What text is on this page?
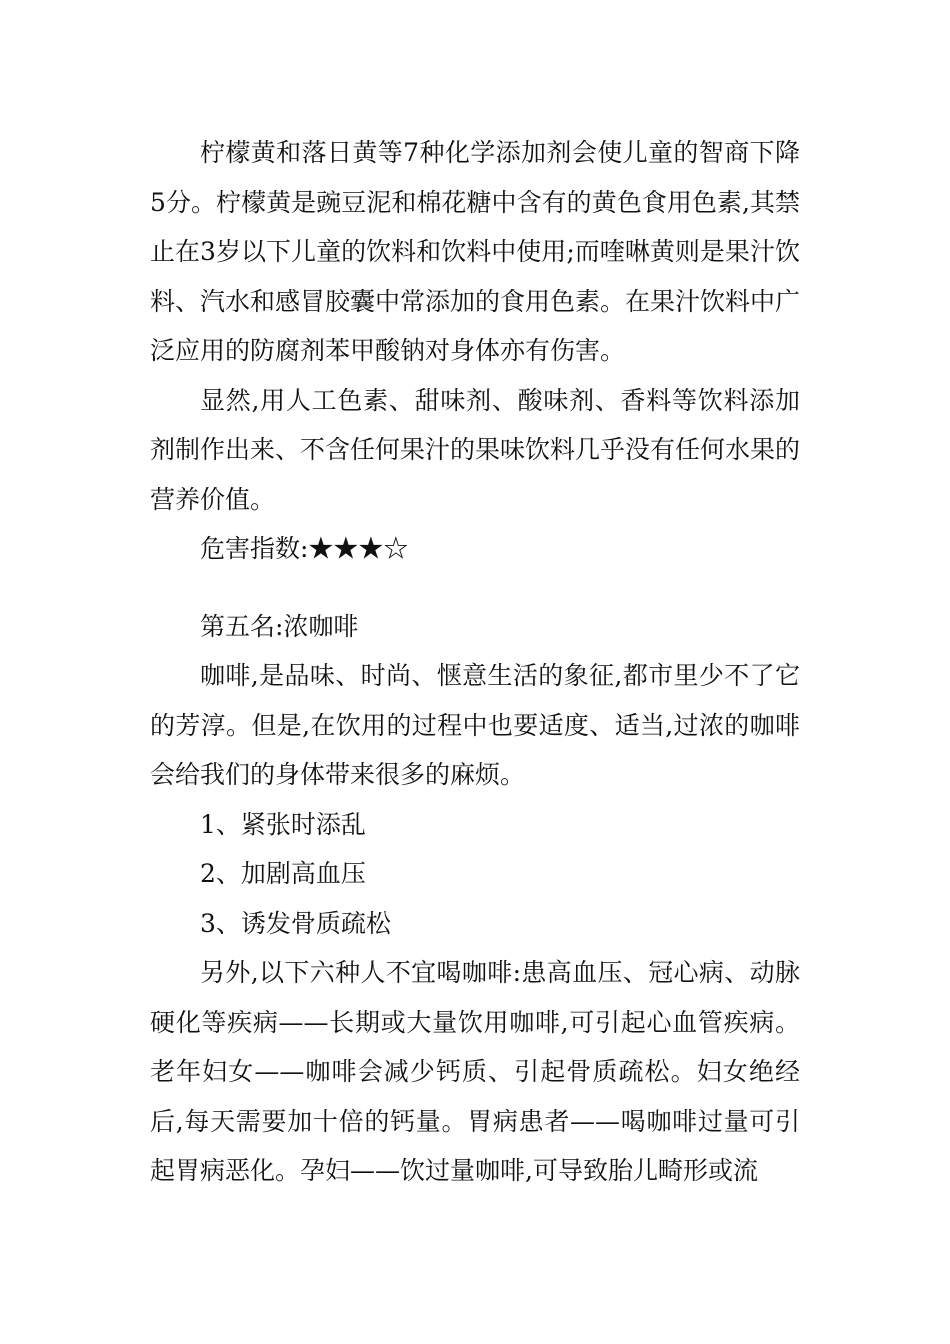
柠檬黄和落日黄等7种化学添加剂会使儿童的智商下降5分。柠檬黄是豌豆泥和棉花糖中含有的黄色食用色素,其禁止在3岁以下儿童的饮料和饮料中使用;而喹啉黄则是果汁饮料、汽水和感冒胶囊中常添加的食用色素。在果汁饮料中广泛应用的防腐剂苯甲酸钠对身体亦有伤害。

显然,用人工色素、甜味剂、酸味剂、香料等饮料添加剂制作出来、不含任何果汁的果味饮料几乎没有任何水果的营养价值。

危害指数:★★★☆

第五名:浓咖啡

咖啡,是品味、时尚、惬意生活的象征,都市里少不了它的芳淳。但是,在饮用的过程中也要适度、适当,过浓的咖啡会给我们的身体带来很多的麻烦。

1、紧张时添乱

2、加剧高血压

3、诱发骨质疏松

另外,以下六种人不宜喝咖啡:患高血压、冠心病、动脉硬化等疾病——长期或大量饮用咖啡,可引起心血管疾病。老年妇女——咖啡会减少钙质、引起骨质疏松。妇女绝经后,每天需要加十倍的钙量。胃病患者——喝咖啡过量可引起胃病恶化。孕妇——饮过量咖啡,可导致胎儿畸形或流
